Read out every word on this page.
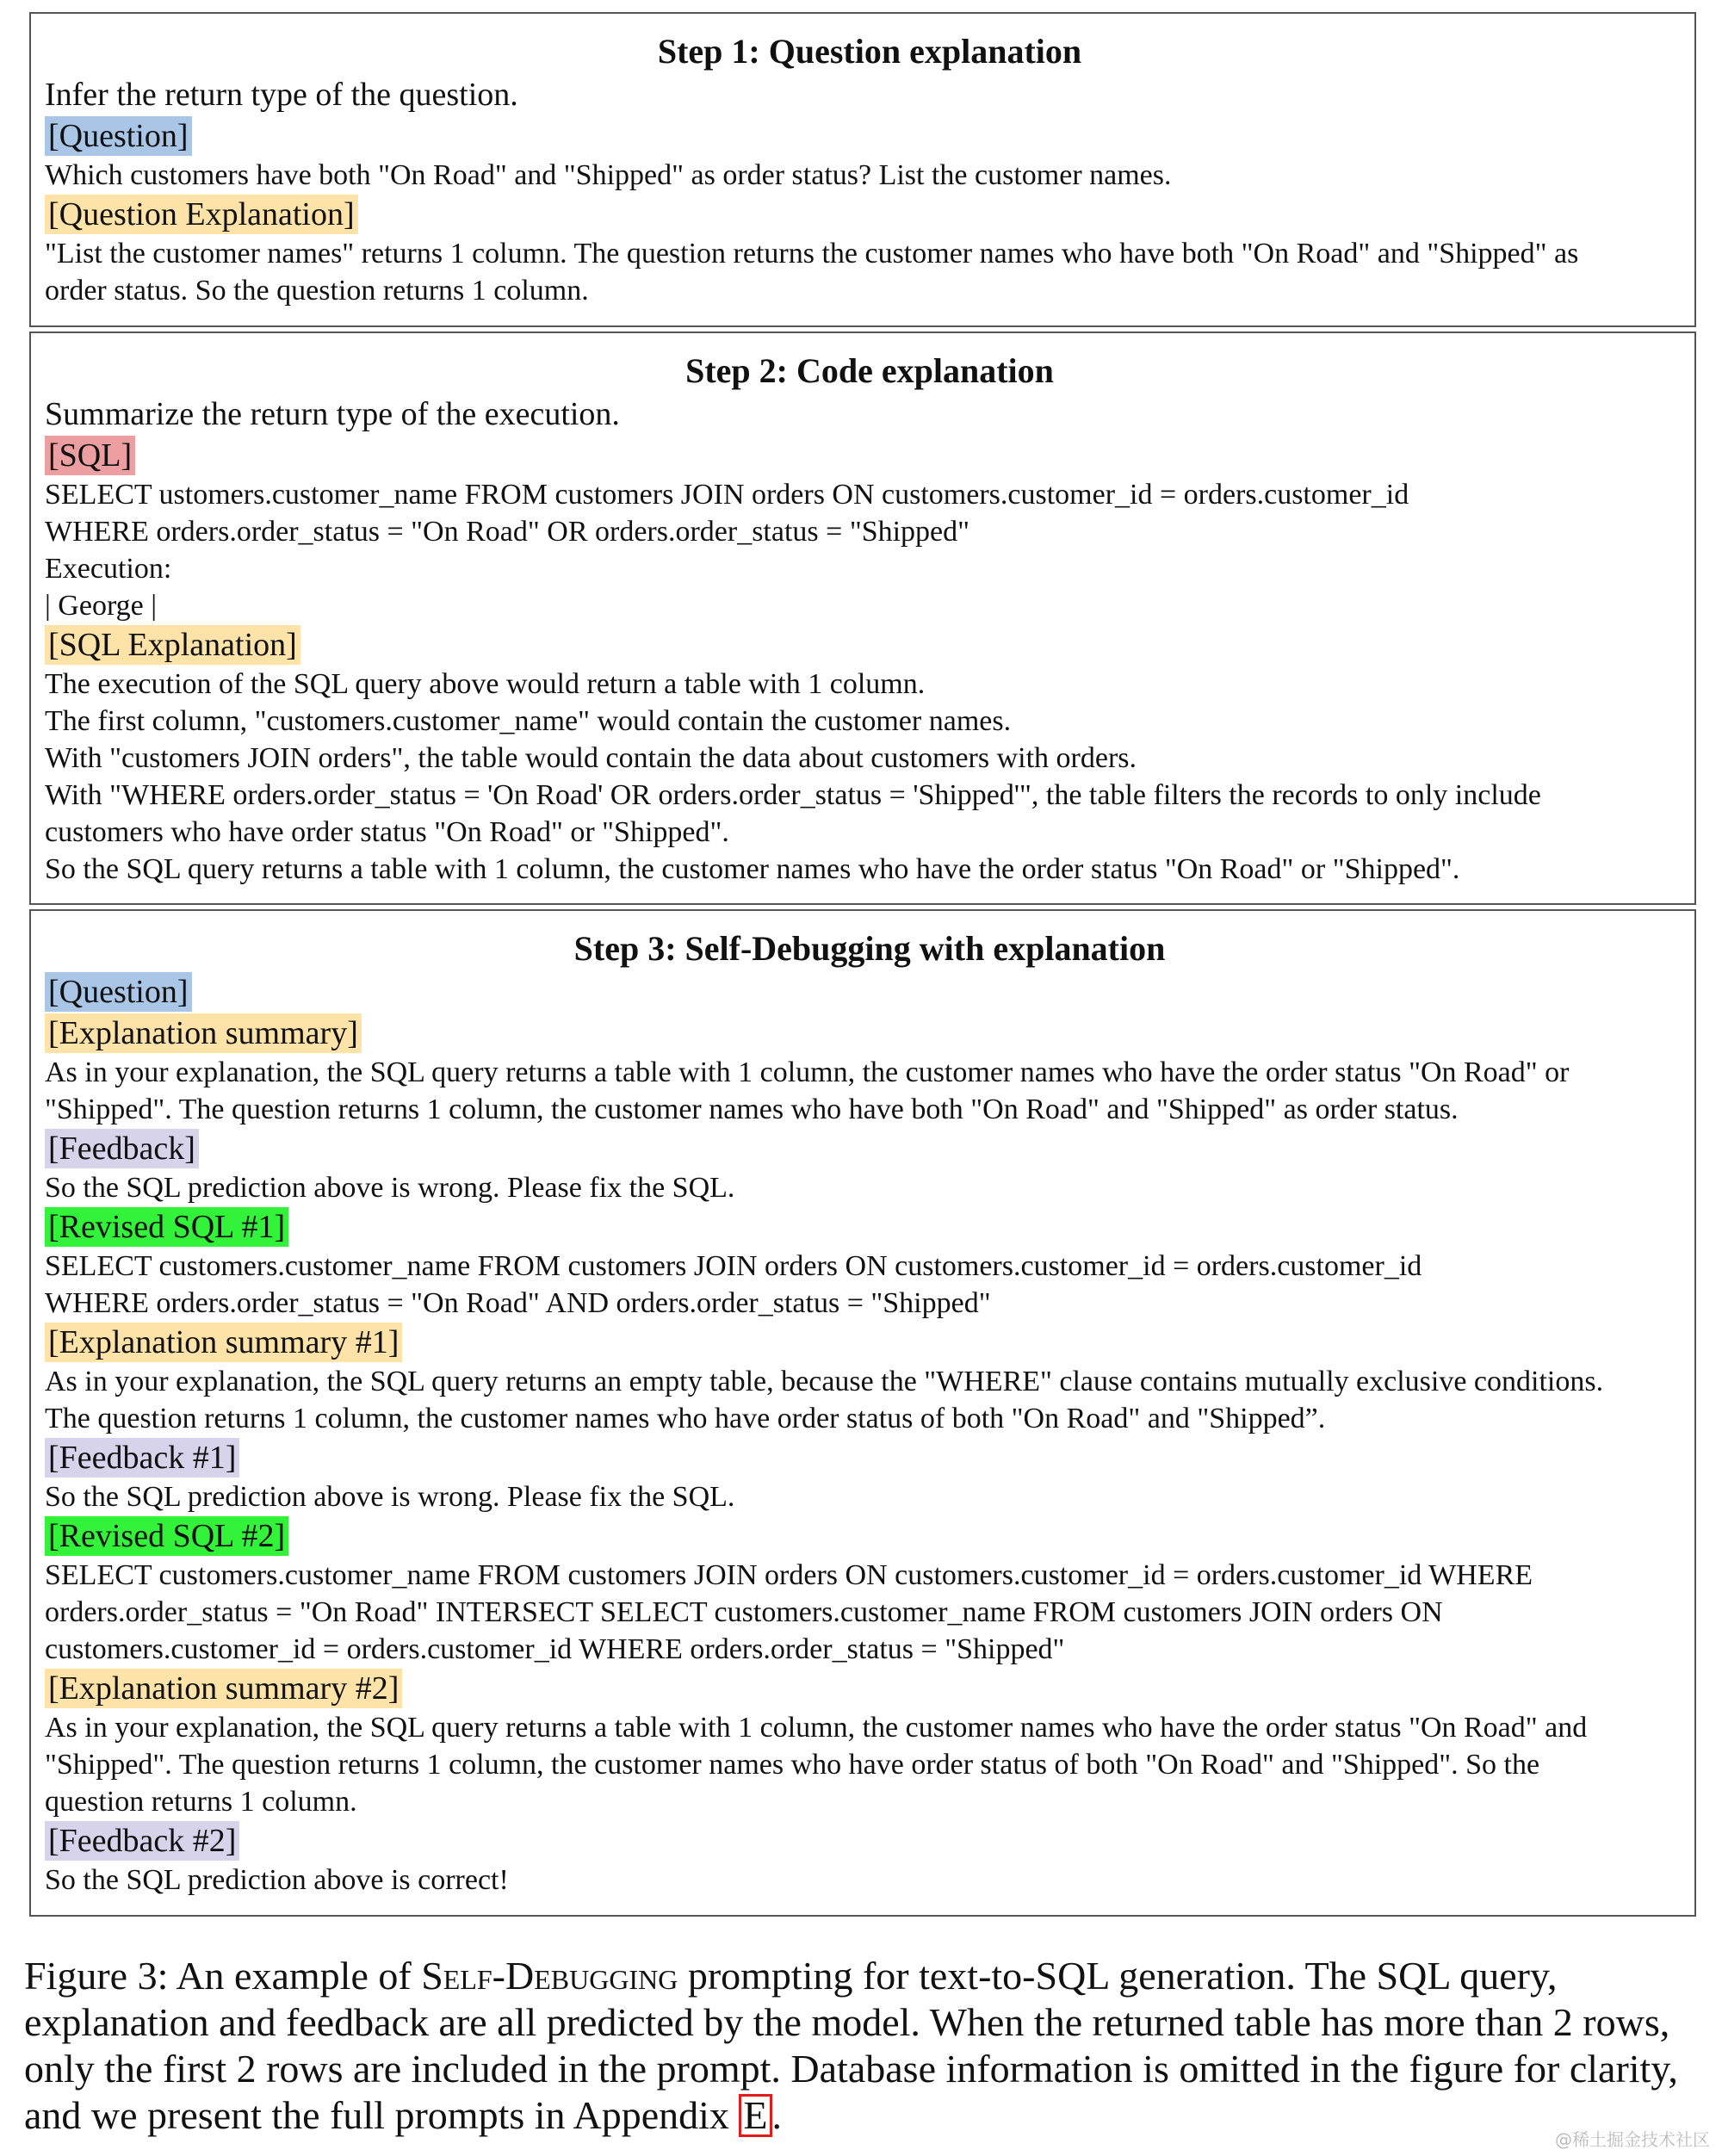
Step 1: Question explanation
Infer the return type of the question.
[Question]
Which customers have both "On Road" and "Shipped" as order status? List the customer names.
[Question Explanation]
"List the customer names" returns 1 column. The question returns the customer names who have both "On Road" and "Shipped" as
order status. So the question returns 1 column.
Step 2: Code explanation
Summarize the return type of the execution.
[SQL]
SELECT ustomers.customer_name FROM customers JOIN orders ON customers.customer_id = orders.customer_id
WHERE orders.order_status = "On Road" OR orders.order_status = "Shipped"
Execution:
| George |
[SQL Explanation]
The execution of the SQL query above would return a table with 1 column.
The first column, "customers.customer_name" would contain the customer names.
With "customers JOIN orders", the table would contain the data about customers with orders.
With "WHERE orders.order_status = 'On Road' OR orders.order_status = 'Shipped'", the table filters the records to only include
customers who have order status "On Road" or "Shipped".
So the SQL query returns a table with 1 column, the customer names who have the order status "On Road" or "Shipped".
Step 3: Self-Debugging with explanation
[Question]
[Explanation summary]
As in your explanation, the SQL query returns a table with 1 column, the customer names who have the order status "On Road" or
"Shipped". The question returns 1 column, the customer names who have both "On Road" and "Shipped" as order status.
[Feedback]
So the SQL prediction above is wrong. Please fix the SQL.
[Revised SQL #1]
SELECT customers.customer_name FROM customers JOIN orders ON customers.customer_id = orders.customer_id
WHERE orders.order_status = "On Road" AND orders.order_status = "Shipped"
[Explanation summary #1]
As in your explanation, the SQL query returns an empty table, because the "WHERE" clause contains mutually exclusive conditions.
The question returns 1 column, the customer names who have order status of both "On Road" and "Shipped”.
[Feedback #1]
So the SQL prediction above is wrong. Please fix the SQL.
[Revised SQL #2]
SELECT customers.customer_name FROM customers JOIN orders ON customers.customer_id = orders.customer_id WHERE
orders.order_status = "On Road" INTERSECT SELECT customers.customer_name FROM customers JOIN orders ON
customers.customer_id = orders.customer_id WHERE orders.order_status = "Shipped"
[Explanation summary #2]
As in your explanation, the SQL query returns a table with 1 column, the customer names who have the order status "On Road" and
"Shipped". The question returns 1 column, the customer names who have order status of both "On Road" and "Shipped". So the
question returns 1 column.
[Feedback #2]
So the SQL prediction above is correct!
Figure 3: An example of Self-Debugging prompting for text-to-SQL generation. The SQL query, explanation and feedback are all predicted by the model. When the returned table has more than 2 rows, only the first 2 rows are included in the prompt. Database information is omitted in the figure for clarity, and we present the full prompts in Appendix E .
@稀土掘金技术社区
